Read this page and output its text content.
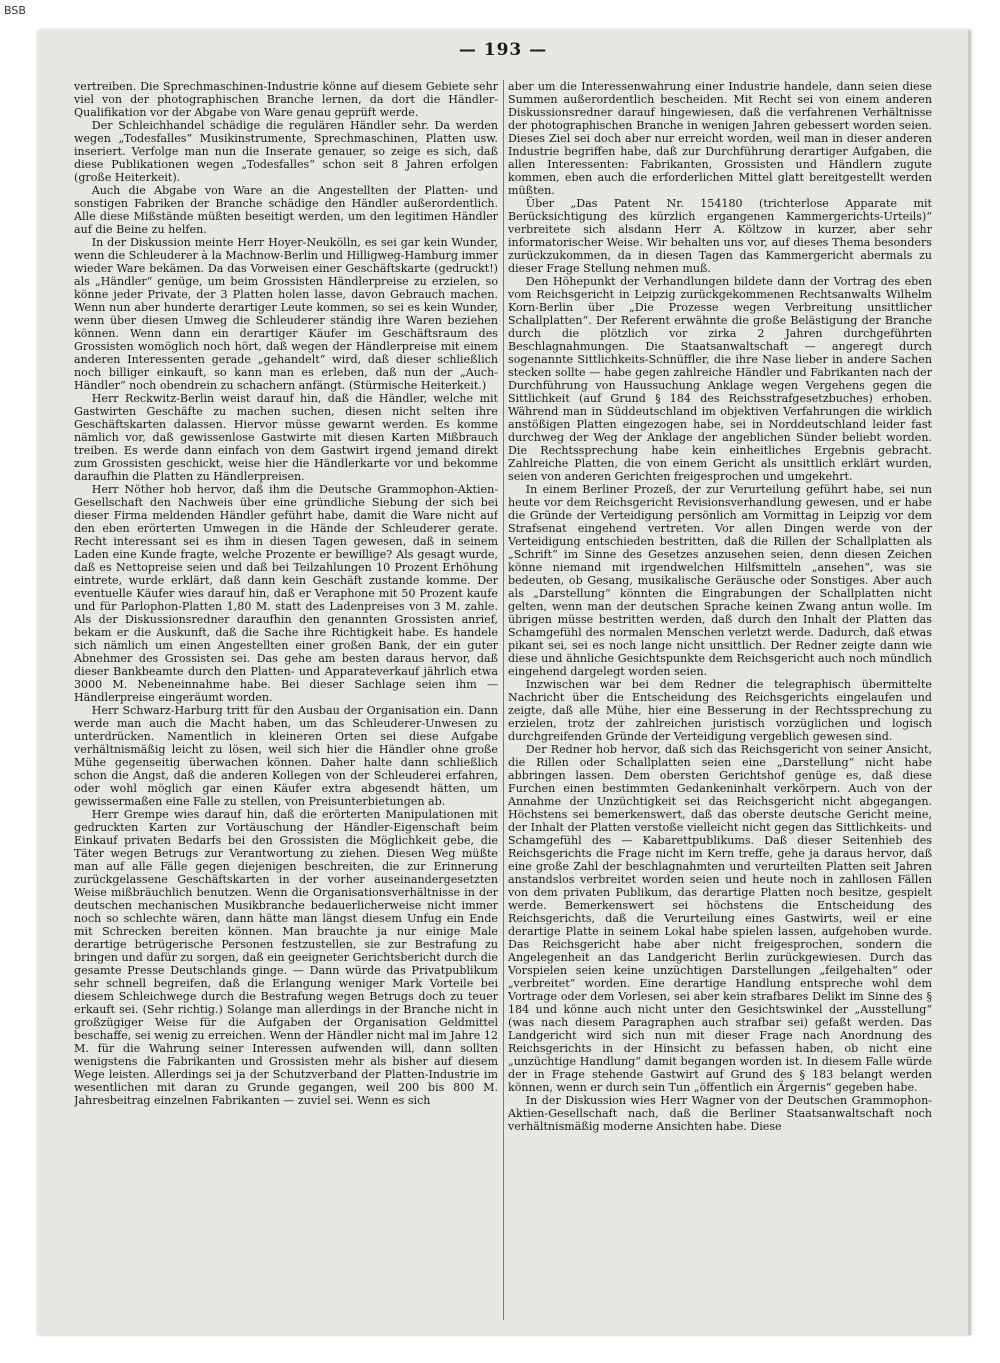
BSB
— 193 —

vertreiben. Die Sprechmaschinen-Industrie könne auf diesem Gebiete sehr viel von der photographischen Branche lernen, da dort die Händler-Qualifikation vor der Abgabe von Ware genau geprüft werde.

Der Schleichhandel schädige die regulären Händler sehr. Da werden wegen „Todesfalles“ Musikinstrumente, Sprechmaschinen, Platten usw. inseriert. Verfolge man nun die Inserate genauer, so zeige es sich, daß diese Publikationen wegen „Todesfalles“ schon seit 8 Jahren erfolgen (große Heiterkeit).

Auch die Abgabe von Ware an die Angestellten der Platten- und sonstigen Fabriken der Branche schädige den Händler außerordentlich. Alle diese Mißstände müßten beseitigt werden, um den legitimen Händler auf die Beine zu helfen.

In der Diskussion meinte Herr Hoyer-Neukölln, es sei gar kein Wunder, wenn die Schleuderer à la Machnow-Berlin und Hilligweg-Hamburg immer wieder Ware bekämen. Da das Vorweisen einer Geschäftskarte (gedruckt!) als „Händler“ genüge, um beim Grossisten Händlerpreise zu erzielen, so könne jeder Private, der 3 Platten holen lasse, davon Gebrauch machen. Wenn nun aber hunderte derartiger Leute kommen, so sei es kein Wunder, wenn über diesen Umweg die Schleuderer ständig ihre Waren beziehen können. Wenn dann ein derartiger Käufer im Geschäftsraum des Grossisten womöglich noch hört, daß wegen der Händlerpreise mit einem anderen Interessenten gerade „gehandelt“ wird, daß dieser schließlich noch billiger einkauft, so kann man es erleben, daß nun der „Auch-Händler“ noch obendrein zu schachern anfängt. (Stürmische Heiterkeit.)

Herr Reckwitz-Berlin weist darauf hin, daß die Händler, welche mit Gastwirten Geschäfte zu machen suchen, diesen nicht selten ihre Geschäftskarten dalassen. Hiervor müsse gewarnt werden. Es komme nämlich vor, daß gewissenlose Gastwirte mit diesen Karten Mißbrauch treiben. Es werde dann einfach von dem Gastwirt irgend jemand direkt zum Grossisten geschickt, weise hier die Händlerkarte vor und bekomme daraufhin die Platten zu Händlerpreisen.

Herr Nöther hob hervor, daß ihm die Deutsche Grammophon-Aktien-Gesellschaft den Nachweis über eine gründliche Siebung der sich bei dieser Firma meldenden Händler geführt habe, damit die Ware nicht auf den eben erörterten Umwegen in die Hände der Schleuderer gerate. Recht interessant sei es ihm in diesen Tagen gewesen, daß in seinem Laden eine Kunde fragte, welche Prozente er bewillige? Als gesagt wurde, daß es Nettopreise seien und daß bei Teilzahlungen 10 Prozent Erhöhung eintrete, wurde erklärt, daß dann kein Geschäft zustande komme. Der eventuelle Käufer wies darauf hin, daß er Veraphone mit 50 Prozent kaufe und für Parlophon-Platten 1,80 M. statt des Ladenpreises von 3 M. zahle. Als der Diskussionsredner daraufhin den genannten Grossisten anrief, bekam er die Auskunft, daß die Sache ihre Richtigkeit habe. Es handele sich nämlich um einen Angestellten einer großen Bank, der ein guter Abnehmer des Grossisten sei. Das gehe am besten daraus hervor, daß dieser Bankbeamte durch den Platten- und Apparateverkauf jährlich etwa 3000 M. Nebeneinnahme habe. Bei dieser Sachlage seien ihm — Händlerpreise eingeräumt worden.

Herr Schwarz-Harburg tritt für den Ausbau der Organisation ein. Dann werde man auch die Macht haben, um das Schleuderer-Unwesen zu unterdrücken. Namentlich in kleineren Orten sei diese Aufgabe verhältnismäßig leicht zu lösen, weil sich hier die Händler ohne große Mühe gegenseitig überwachen können. Daher halte dann schließlich schon die Angst, daß die anderen Kollegen von der Schleuderei erfahren, oder wohl möglich gar einen Käufer extra abgesendt hätten, um gewissermaßen eine Falle zu stellen, von Preisunterbietungen ab.

Herr Grempe wies darauf hin, daß die erörterten Manipulationen mit gedruckten Karten zur Vortäuschung der Händler-Eigenschaft beim Einkauf privaten Bedarfs bei den Grossisten die Möglichkeit gebe, die Täter wegen Betrugs zur Verantwortung zu ziehen. Diesen Weg müßte man auf alle Fälle gegen diejenigen beschreiten, die zur Erinnerung zurückgelassene Geschäftskarten in der vorher auseinandergesetzten Weise mißbräuchlich benutzen. Wenn die Organisationsverhältnisse in der deutschen mechanischen Musikbranche bedauerlicherweise nicht immer noch so schlechte wären, dann hätte man längst diesem Unfug ein Ende mit Schrecken bereiten können. Man brauchte ja nur einige Male derartige betrügerische Personen festzustellen, sie zur Bestrafung zu bringen und dafür zu sorgen, daß ein geeigneter Gerichtsbericht durch die gesamte Presse Deutschlands ginge. — Dann würde das Privatpublikum sehr schnell begreifen, daß die Erlangung weniger Mark Vorteile bei diesem Schleichwege durch die Bestrafung wegen Betrugs doch zu teuer erkauft sei. (Sehr richtig.) Solange man allerdings in der Branche nicht in großzügiger Weise für die Aufgaben der Organisation Geldmittel beschaffe, sei wenig zu erreichen. Wenn der Händler nicht mal im Jahre 12 M. für die Wahrung seiner Interessen aufwenden will, dann sollten wenigstens die Fabrikanten und Grossisten mehr als bisher auf diesem Wege leisten. Allerdings sei ja der Schutzverband der Platten-Industrie im wesentlichen mit daran zu Grunde gegangen, weil 200 bis 800 M. Jahresbeitrag einzelnen Fabrikanten — zuviel sei. Wenn es sich

aber um die Interessenwahrung einer Industrie handele, dann seien diese Summen außerordentlich bescheiden. Mit Recht sei von einem anderen Diskussionsredner darauf hingewiesen, daß die verfahrenen Verhältnisse der photographischen Branche in wenigen Jahren gebessert worden seien. Dieses Ziel sei doch aber nur erreicht worden, weil man in dieser anderen Industrie begriffen habe, daß zur Durchführung derartiger Aufgaben, die allen Interessenten: Fabrikanten, Grossisten und Händlern zugute kommen, eben auch die erforderlichen Mittel glatt bereitgestellt werden müßten.

Über „Das Patent Nr. 154180 (trichterlose Apparate mit Berücksichtigung des kürzlich ergangenen Kammergerichts-Urteils)“ verbreitete sich alsdann Herr A. Költzow in kurzer, aber sehr informatorischer Weise. Wir behalten uns vor, auf dieses Thema besonders zurückzukommen, da in diesen Tagen das Kammergericht abermals zu dieser Frage Stellung nehmen muß.

Den Höhepunkt der Verhandlungen bildete dann der Vortrag des eben vom Reichsgericht in Leipzig zurückgekommenen Rechtsanwalts Wilhelm Korn-Berlin über „Die Prozesse wegen Verbreitung unsittlicher Schallplatten“. Der Referent erwähnte die große Belästigung der Branche durch die plötzlich vor zirka 2 Jahren durchgeführten Beschlagnahmungen. Die Staatsanwaltschaft — angeregt durch sogenannte Sittlichkeits-Schnüffler, die ihre Nase lieber in andere Sachen stecken sollte — habe gegen zahlreiche Händler und Fabrikanten nach der Durchführung von Haussuchung Anklage wegen Vergehens gegen die Sittlichkeit (auf Grund § 184 des Reichsstrafgesetzbuches) erhoben. Während man in Süddeutschland im objektiven Verfahrungen die wirklich anstößigen Platten eingezogen habe, sei in Norddeutschland leider fast durchweg der Weg der Anklage der angeblichen Sünder beliebt worden. Die Rechtssprechung habe kein einheitliches Ergebnis gebracht. Zahlreiche Platten, die von einem Gericht als unsittlich erklärt wurden, seien von anderen Gerichten freigesprochen und umgekehrt.

In einem Berliner Prozeß, der zur Verurteilung geführt habe, sei nun heute vor dem Reichsgericht Revisionsverhandlung gewesen, und er habe die Gründe der Verteidigung persönlich am Vormittag in Leipzig vor dem Strafsenat eingehend vertreten. Vor allen Dingen werde von der Verteidigung entschieden bestritten, daß die Rillen der Schallplatten als „Schrift“ im Sinne des Gesetzes anzusehen seien, denn diesen Zeichen könne niemand mit irgendwelchen Hilfsmitteln „ansehen“, was sie bedeuten, ob Gesang, musikalische Geräusche oder Sonstiges. Aber auch als „Darstellung“ könnten die Eingrabungen der Schallplatten nicht gelten, wenn man der deutschen Sprache keinen Zwang antun wolle. Im übrigen müsse bestritten werden, daß durch den Inhalt der Platten das Schamgefühl des normalen Menschen verletzt werde. Dadurch, daß etwas pikant sei, sei es noch lange nicht unsittlich. Der Redner zeigte dann wie diese und ähnliche Gesichtspunkte dem Reichsgericht auch noch mündlich eingehend dargelegt worden seien.

Inzwischen war bei dem Redner die telegraphisch übermittelte Nachricht über die Entscheidung des Reichsgerichts eingelaufen und zeigte, daß alle Mühe, hier eine Besserung in der Rechtssprechung zu erzielen, trotz der zahlreichen juristisch vorzüglichen und logisch durchgreifenden Gründe der Verteidigung vergeblich gewesen sind.

Der Redner hob hervor, daß sich das Reichsgericht von seiner Ansicht, die Rillen oder Schallplatten seien eine „Darstellung“ nicht habe abbringen lassen. Dem obersten Gerichtshof genüge es, daß diese Furchen einen bestimmten Gedankeninhalt verkörpern. Auch von der Annahme der Unzüchtigkeit sei das Reichsgericht nicht abgegangen. Höchstens sei bemerkenswert, daß das oberste deutsche Gericht meine, der Inhalt der Platten verstoße vielleicht nicht gegen das Sittlichkeits- und Schamgefühl des — Kabarettpublikums. Daß dieser Seitenhieb des Reichsgerichts die Frage nicht im Kern treffe, gehe ja daraus hervor, daß eine große Zahl der beschlagnahmten und verurteilten Platten seit Jahren anstandslos verbreitet worden seien und heute noch in zahllosen Fällen von dem privaten Publikum, das derartige Platten noch besitze, gespielt werde. Bemerkenswert sei höchstens die Entscheidung des Reichsgerichts, daß die Verurteilung eines Gastwirts, weil er eine derartige Platte in seinem Lokal habe spielen lassen, aufgehoben wurde. Das Reichsgericht habe aber nicht freigesprochen, sondern die Angelegenheit an das Landgericht Berlin zurückgewiesen. Durch das Vorspielen seien keine unzüchtigen Darstellungen „feilgehalten“ oder „verbreitet“ worden. Eine derartige Handlung entspreche wohl dem Vortrage oder dem Vorlesen, sei aber kein strafbares Delikt im Sinne des § 184 und könne auch nicht unter den Gesichtswinkel der „Ausstellung“ (was nach diesem Paragraphen auch strafbar sei) gefaßt werden. Das Landgericht wird sich nun mit dieser Frage nach Anordnung des Reichsgerichts in der Hinsicht zu befassen haben, ob nicht eine „unzüchtige Handlung“ damit begangen worden ist. In diesem Falle würde der in Frage stehende Gastwirt auf Grund des § 183 belangt werden können, wenn er durch sein Tun „öffentlich ein Ärgernis“ gegeben habe.

In der Diskussion wies Herr Wagner von der Deutschen Grammophon-Aktien-Gesellschaft nach, daß die Berliner Staatsanwaltschaft noch verhältnismäßig moderne Ansichten habe. Diese
